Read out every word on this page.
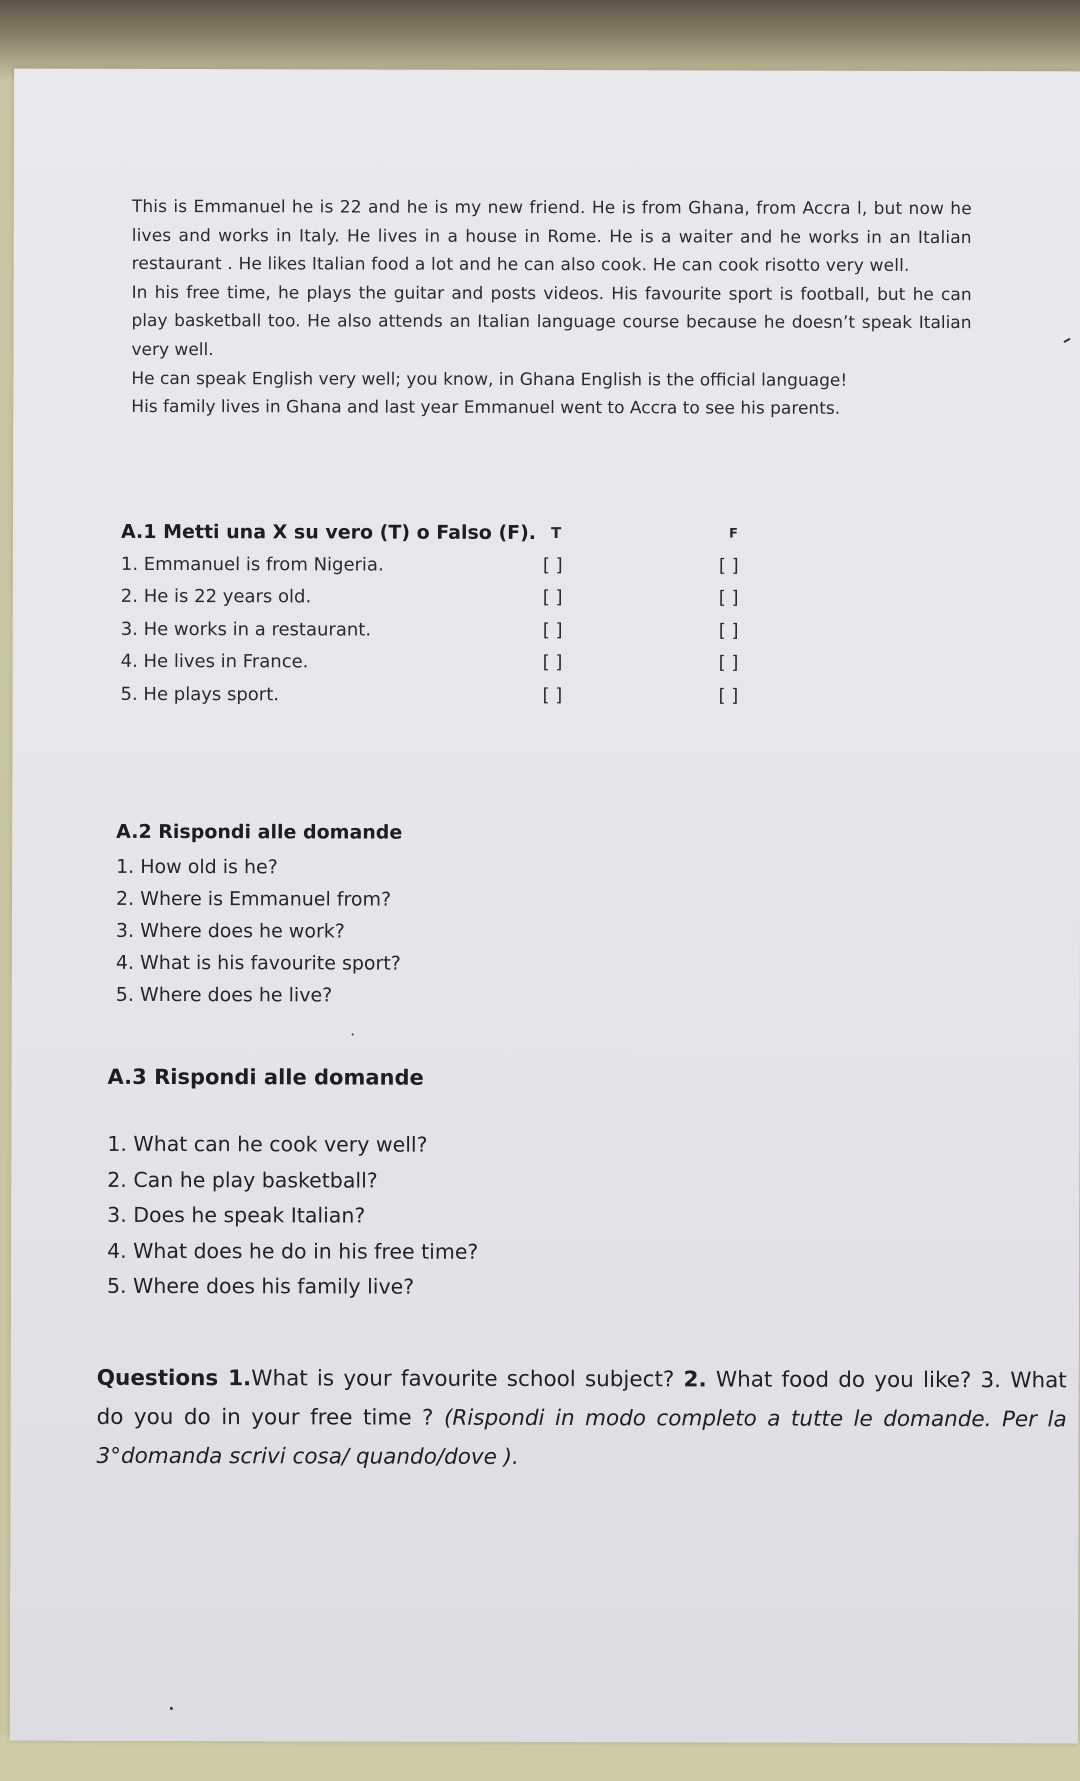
This is Emmanuel he is 22 and he is my new friend. He is from Ghana, from Accra l, but now he lives and works in Italy. He lives in a house in Rome. He is a waiter and he works in an Italian restaurant . He likes Italian food a lot and he can also cook. He can cook risotto very well.

In his free time, he plays the guitar and posts videos. His favourite sport is football, but he can play basketball too. He also attends an Italian language course because he doesn’t speak Italian very well.

He can speak English very well; you know, in Ghana English is the official language!

His family lives in Ghana and last year Emmanuel went to Accra to see his parents.

A.1 Metti una X su vero (T) o Falso (F). T	F
1. Emmanuel is from Nigeria.	[ ]	[ ]
2. He is 22 years old.	[ ]	[ ]
3. He works in a restaurant.	[ ]	[ ]
4. He lives in France.	[ ]	[ ]
5. He plays sport.	[ ]	[ ]
A.2 Rispondi alle domande
1. How old is he?
2. Where is Emmanuel from?
3. Where does he work?
4. What is his favourite sport?
5. Where does he live?
A.3 Rispondi alle domande
1. What can he cook very well?
2. Can he play basketball?
3. Does he speak Italian?
4. What does he do in his free time?
5. Where does his family live?

Questions 1.What is your favourite school subject? 2. What food do you like? 3. What do you do in your free time ? (Rispondi in modo completo a tutte le domande. Per la 3°domanda scrivi cosa/ quando/dove ).
